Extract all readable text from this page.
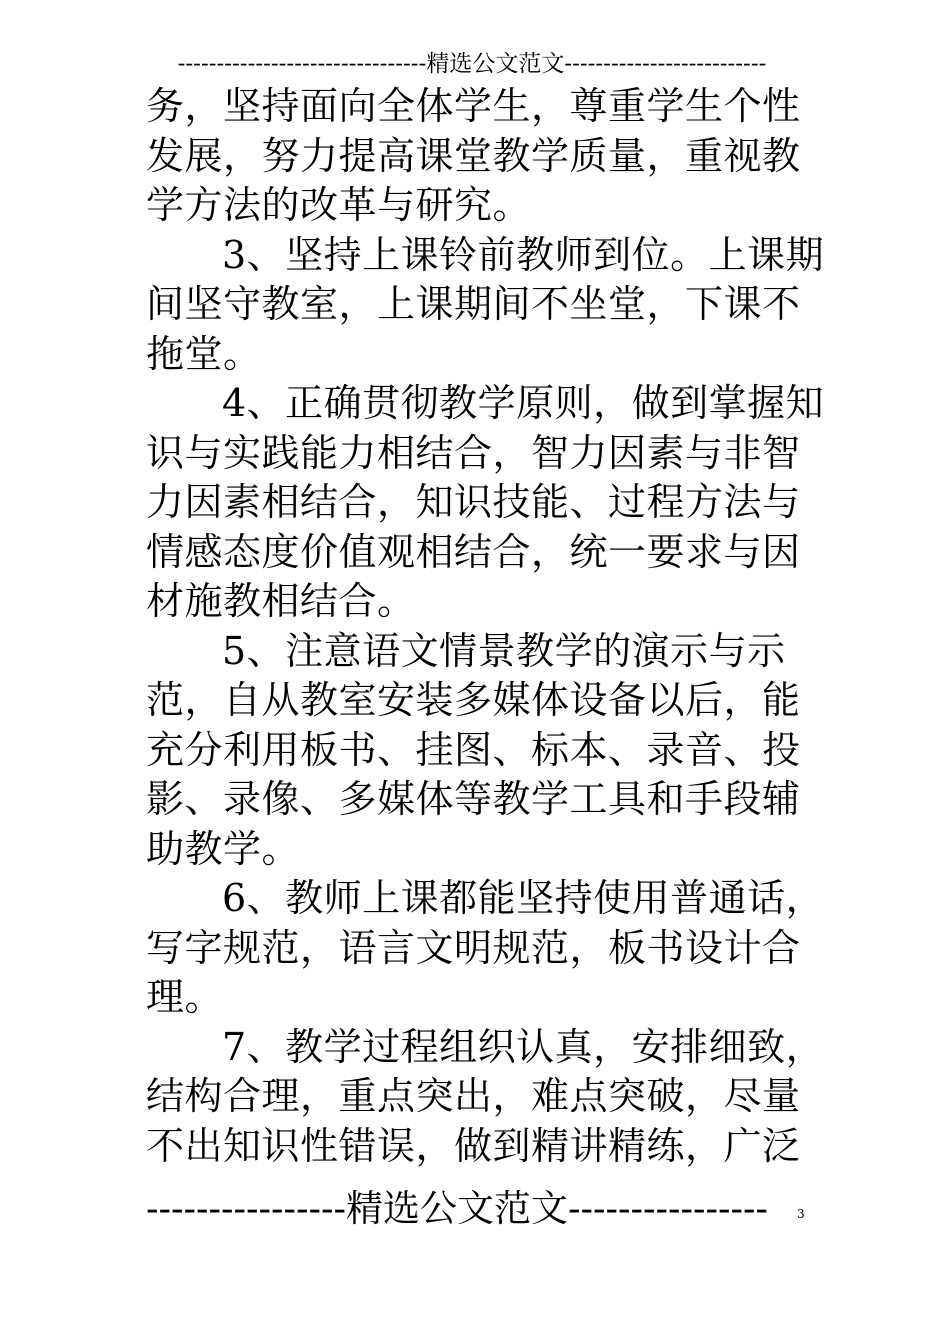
--------------------------------精选公文范文--------------------------
务，坚持面向全体学生，尊重学生个性
发展，努力提高课堂教学质量，重视教
学方法的改革与研究。
3、坚持上课铃前教师到位。上课期
间坚守教室，上课期间不坐堂，下课不
拖堂。
4、正确贯彻教学原则，做到掌握知
识与实践能力相结合，智力因素与非智
力因素相结合，知识技能、过程方法与
情感态度价值观相结合，统一要求与因
材施教相结合。
5、注意语文情景教学的演示与示
范，自从教室安装多媒体设备以后，能
充分利用板书、挂图、标本、录音、投
影、录像、多媒体等教学工具和手段辅
助教学。
6、教师上课都能坚持使用普通话，
写字规范，语言文明规范，板书设计合
理。
7、教学过程组织认真，安排细致，
结构合理，重点突出，难点突破，尽量
不出知识性错误，做到精讲精练，广泛
----------------精选公文范文----------------	3
